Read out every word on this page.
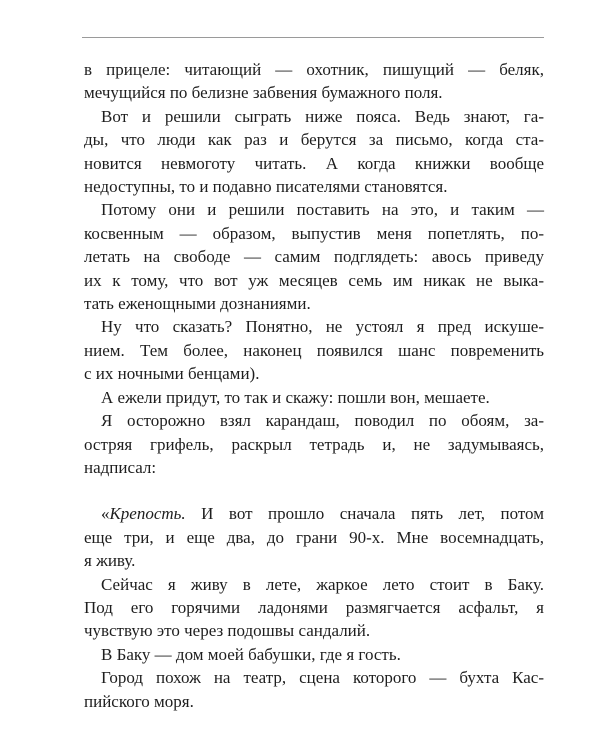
в прицеле: читающий — охотник, пишущий — беляк,
мечущийся по белизне забвения бумажного поля.

Вот и решили сыграть ниже пояса. Ведь знают, га-
ды, что люди как раз и берутся за письмо, когда ста-
новится невмоготу читать. А когда книжки вообще
недоступны, то и подавно писателями становятся.

Потому они и решили поставить на это, и таким —
косвенным — образом, выпустив меня попетлять, по-
летать на свободе — самим подглядеть: авось приведу
их к тому, что вот уж месяцев семь им никак не выка-
тать еженощными дознаниями.

Ну что сказать? Понятно, не устоял я пред искуше-
нием. Тем более, наконец появился шанс повременить
с их ночными бенцами).

А ежели придут, то так и скажу: пошли вон, мешаете.

Я осторожно взял карандаш, поводил по обоям, за-
остряя грифель, раскрыл тетрадь и, не задумываясь,
надписал:

«Крепость. И вот прошло сначала пять лет, потом
еще три, и еще два, до грани 90-х. Мне восемнадцать,
я живу.

Сейчас я живу в лете, жаркое лето стоит в Баку.
Под его горячими ладонями размягчается асфальт, я
чувствую это через подошвы сандалий.

В Баку — дом моей бабушки, где я гость.

Город похож на театр, сцена которого — бухта Кас-
пийского моря.
